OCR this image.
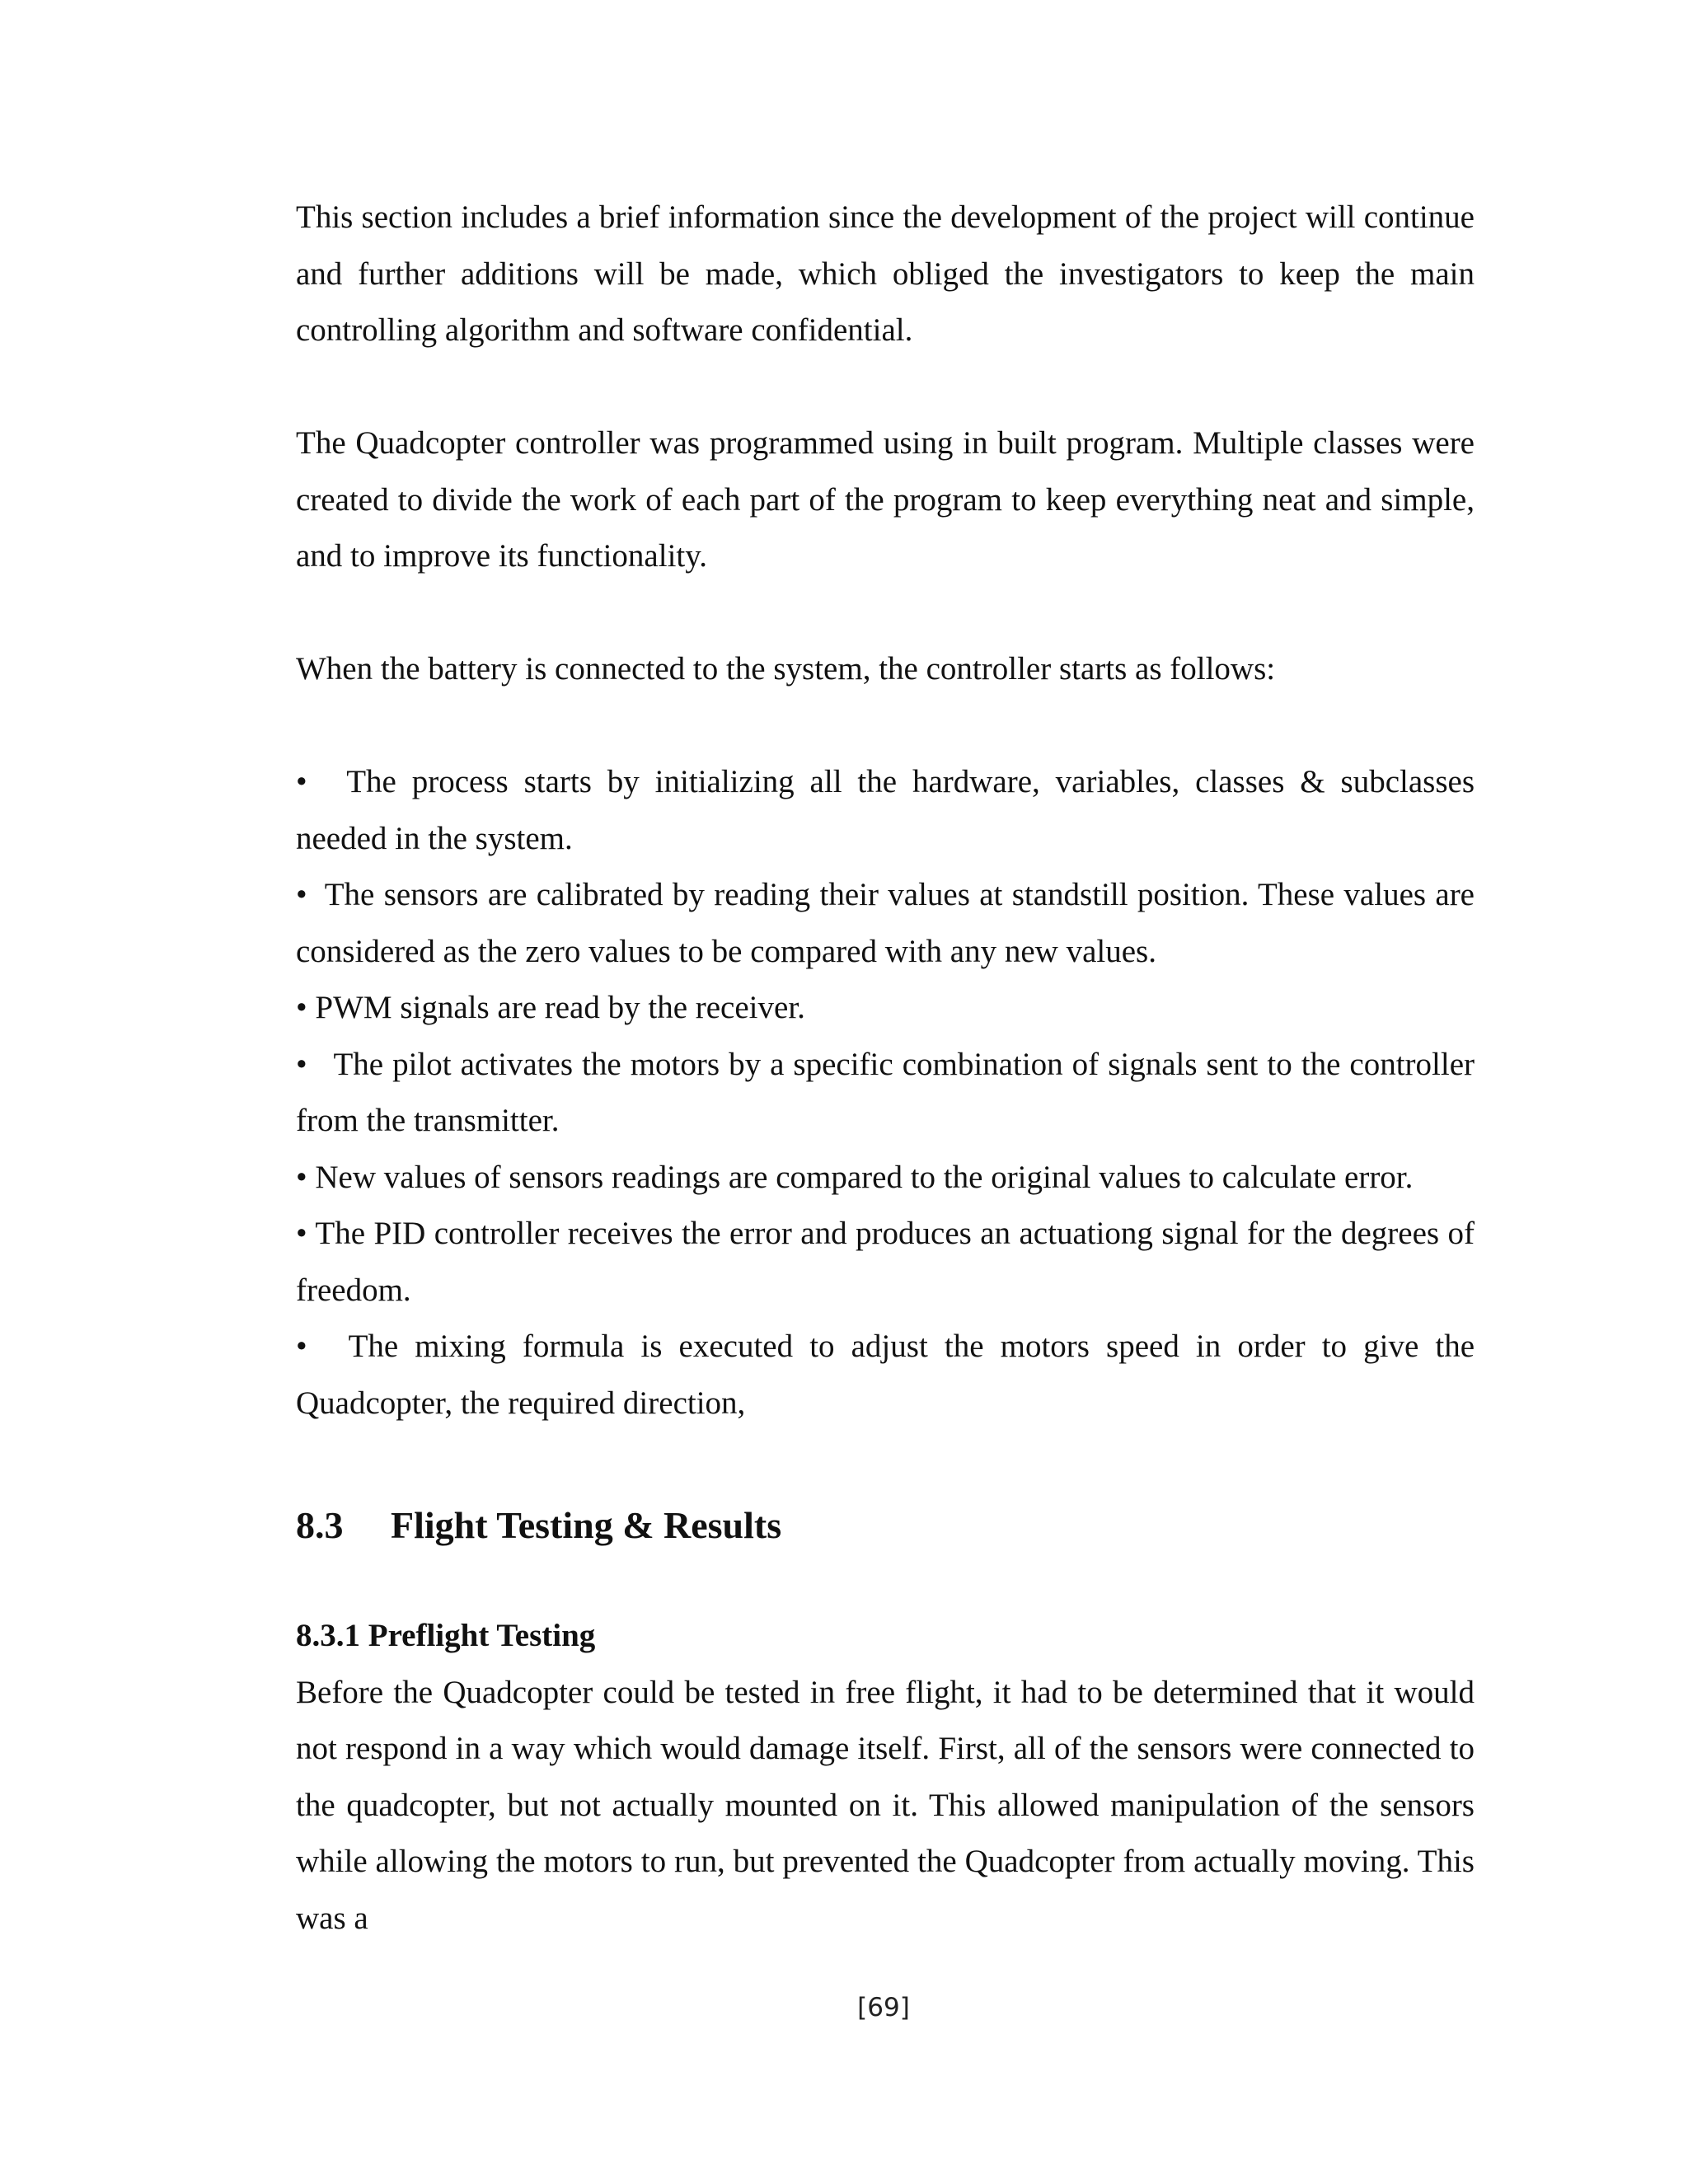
This section includes a brief information since the development of the project will continue and further additions will be made, which obliged the investigators to keep the main controlling algorithm and software confidential.

The Quadcopter controller was programmed using in built program. Multiple classes were created to divide the work of each part of the program to keep everything neat and simple, and to improve its functionality.

When the battery is connected to the system, the controller starts as follows:

• The process starts by initializing all the hardware, variables, classes & subclasses needed in the system.

• The sensors are calibrated by reading their values at standstill position. These values are considered as the zero values to be compared with any new values.

• PWM signals are read by the receiver.

• The pilot activates the motors by a specific combination of signals sent to the controller from the transmitter.

• New values of sensors readings are compared to the original values to calculate error.

• The PID controller receives the error and produces an actuationg signal for the degrees of freedom.

• The mixing formula is executed to adjust the motors speed in order to give the Quadcopter, the required direction,

8.3	Flight Testing & Results
8.3.1 Preflight Testing

Before the Quadcopter could be tested in free flight, it had to be determined that it would not respond in a way which would damage itself. First, all of the sensors were connected to the quadcopter, but not actually mounted on it. This allowed manipulation of the sensors while allowing the motors to run, but prevented the Quadcopter from actually moving. This was a

[69]
